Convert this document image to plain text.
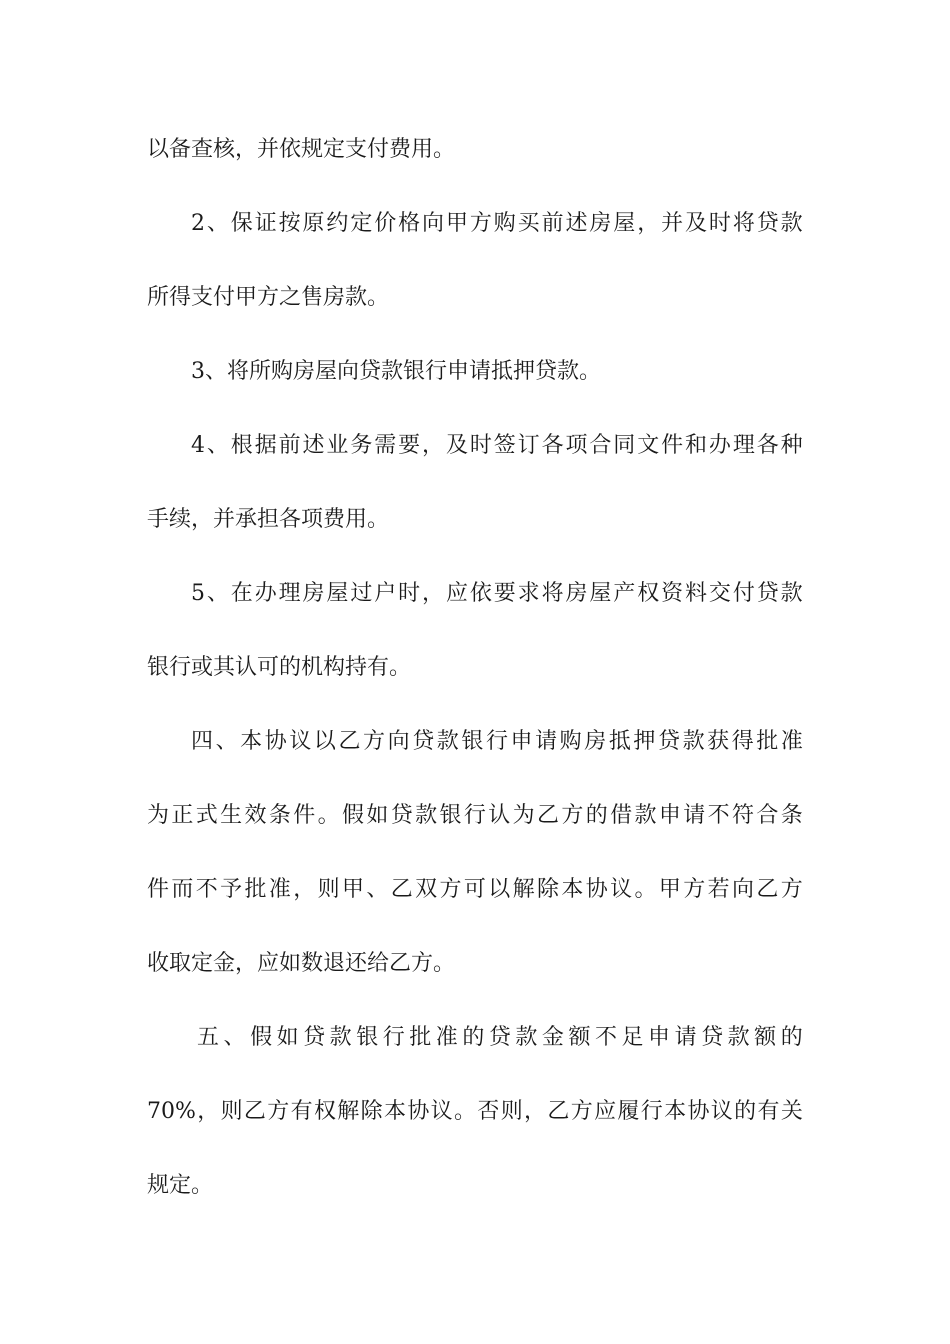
以备查核，并依规定支付费用。
2 、 保 证 按 原 约 定 价 格 向 甲 方 购 买 前 述 房 屋 ， 并 及 时 将 贷 款
所得支付甲方之售房款。
3、将所购房屋向贷款银行申请抵押贷款。
4 、 根 据 前 述 业 务 需 要 ， 及 时 签 订 各 项 合 同 文 件 和 办 理 各 种
手续，并承担各项费用。
5 、 在 办 理 房 屋 过 户 时 ， 应 依 要 求 将 房 屋 产 权 资 料 交 付 贷 款
银行或其认可的机构持有。
四 、 本 协 议 以 乙 方 向 贷 款 银 行 申 请 购 房 抵 押 贷 款 获 得 批 准
为 正 式 生 效 条 件 。 假 如 贷 款 银 行 认 为 乙 方 的 借 款 申 请 不 符 合 条
件 而 不 予 批 准 ， 则 甲 、 乙 双 方 可 以 解 除 本 协 议 。 甲 方 若 向 乙 方
收取定金，应如数退还给乙方。
五 、 假 如 贷 款 银 行 批 准 的 贷 款 金 额 不 足 申 请 贷 款 额 的
70% ， 则 乙 方 有 权 解 除 本 协 议 。 否 则 ， 乙 方 应 履 行 本 协 议 的 有 关
规定。
